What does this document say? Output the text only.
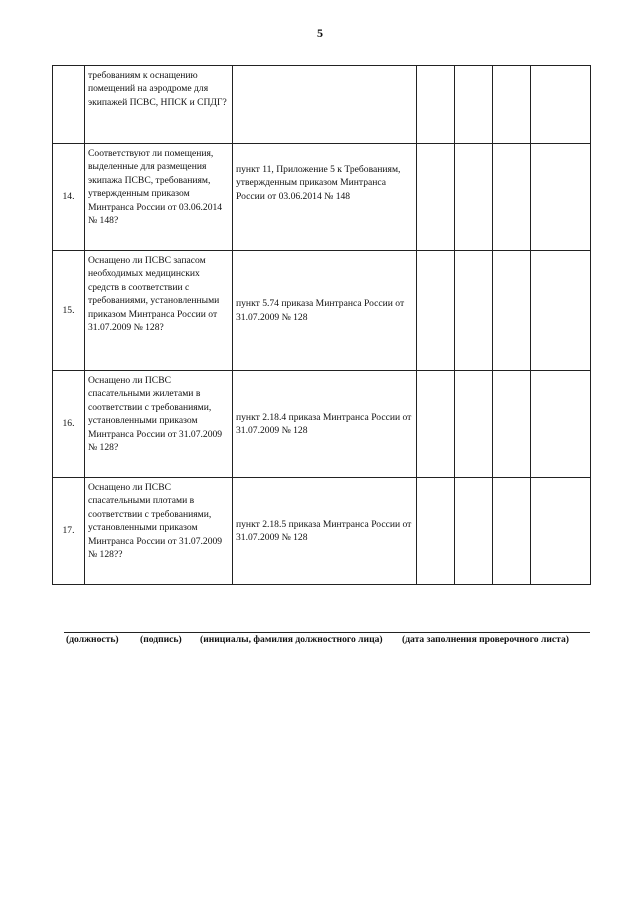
5
	требованиям к оснащению помещений на аэродроме для экипажей ПСВС, НПСК и СПДГ?					
14.	Соответствуют ли помещения, выделенные для размещения экипажа ПСВС, требованиям, утвержденным приказом Минтранса России от 03.06.2014 № 148?	пункт 11, Приложение 5 к Требованиям, утвержденным приказом Минтранса России от 03.06.2014 № 148				
15.	Оснащено ли ПСВС запасом необходимых медицинских средств в соответствии с требованиями, установленными приказом Минтранса России от 31.07.2009 № 128?	пункт 5.74 приказа Минтранса России от 31.07.2009 № 128				
16.	Оснащено ли ПСВС спасательными жилетами в соответствии с требованиями, установленными приказом Минтранса России от 31.07.2009 № 128?	пункт 2.18.4 приказа Минтранса России от 31.07.2009 № 128				
17.	Оснащено ли ПСВС спасательными плотами в соответствии с требованиями, установленными приказом Минтранса России от 31.07.2009 № 128??	пункт 2.18.5 приказа Минтранса России от 31.07.2009 № 128				
(должность) (подпись) (инициалы, фамилия должностного лица) (дата заполнения проверочного листа)
